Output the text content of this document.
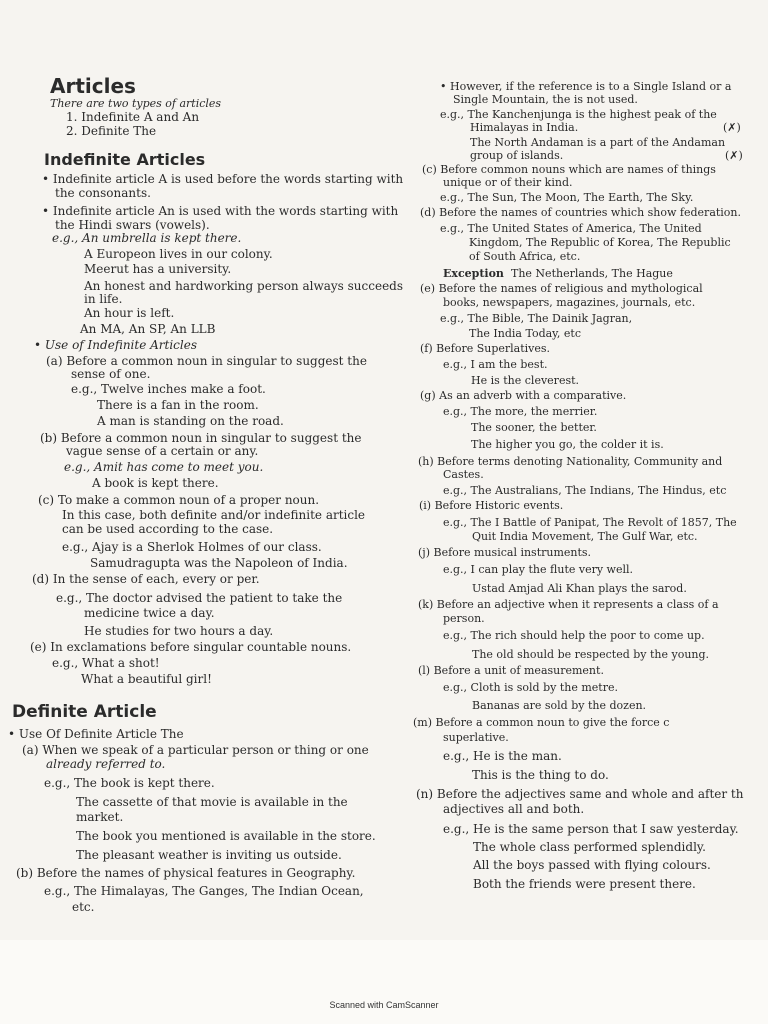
Articles
There are two types of articles
1. Indefinite A and An
2. Definite The
Indefinite Articles
• Indefinite article A is used before the words starting with
the consonants.
• Indefinite article An is used with the words starting with
the Hindi swars (vowels).
e.g., An umbrella is kept there.
A Europeon lives in our colony.
Meerut has a university.
An honest and hardworking person always succeeds
in life.
An hour is left.
An MA, An SP, An LLB
• Use of Indefinite Articles
(a) Before a common noun in singular to suggest the
sense of one.
e.g., Twelve inches make a foot.
There is a fan in the room.
A man is standing on the road.
(b) Before a common noun in singular to suggest the
vague sense of a certain or any.
e.g., Amit has come to meet you.
A book is kept there.
(c) To make a common noun of a proper noun.
In this case, both definite and/or indefinite article
can be used according to the case.
e.g., Ajay is a Sherlok Holmes of our class.
Samudragupta was the Napoleon of India.
(d) In the sense of each, every or per.
e.g., The doctor advised the patient to take the
medicine twice a day.
He studies for two hours a day.
(e) In exclamations before singular countable nouns.
e.g., What a shot!
What a beautiful girl!
Definite Article
• Use Of Definite Article The
(a) When we speak of a particular person or thing or one
already referred to.
e.g., The book is kept there.
The cassette of that movie is available in the
market.
The book you mentioned is available in the store.
The pleasant weather is inviting us outside.
(b) Before the names of physical features in Geography.
e.g., The Himalayas, The Ganges, The Indian Ocean,
etc.
• However, if the reference is to a Single Island or a
Single Mountain, the is not used.
e.g., The Kanchenjunga is the highest peak of the
Himalayas in India.	(✗)
The North Andaman is a part of the Andaman
group of islands.	(✗)
(c) Before common nouns which are names of things
unique or of their kind.
e.g., The Sun, The Moon, The Earth, The Sky.
(d) Before the names of countries which show federation.
e.g., The United States of America, The United
Kingdom, The Republic of Korea, The Republic
of South Africa, etc.
Exception The Netherlands, The Hague
(e) Before the names of religious and mythological
books, newspapers, magazines, journals, etc.
e.g., The Bible, The Dainik Jagran,
The India Today, etc
(f) Before Superlatives.
e.g., I am the best.
He is the cleverest.
(g) As an adverb with a comparative.
e.g., The more, the merrier.
The sooner, the better.
The higher you go, the colder it is.
(h) Before terms denoting Nationality, Community and
Castes.
e.g., The Australians, The Indians, The Hindus, etc
(i) Before Historic events.
e.g., The I Battle of Panipat, The Revolt of 1857, The
Quit India Movement, The Gulf War, etc.
(j) Before musical instruments.
e.g., I can play the flute very well.
Ustad Amjad Ali Khan plays the sarod.
(k) Before an adjective when it represents a class of a
person.
e.g., The rich should help the poor to come up.
The old should be respected by the young.
(l) Before a unit of measurement.
e.g., Cloth is sold by the metre.
Bananas are sold by the dozen.
(m) Before a common noun to give the force c
superlative.
e.g., He is the man.
This is the thing to do.
(n) Before the adjectives same and whole and after th
adjectives all and both.
e.g., He is the same person that I saw yesterday.
The whole class performed splendidly.
All the boys passed with flying colours.
Both the friends were present there.
Scanned with CamScanner
